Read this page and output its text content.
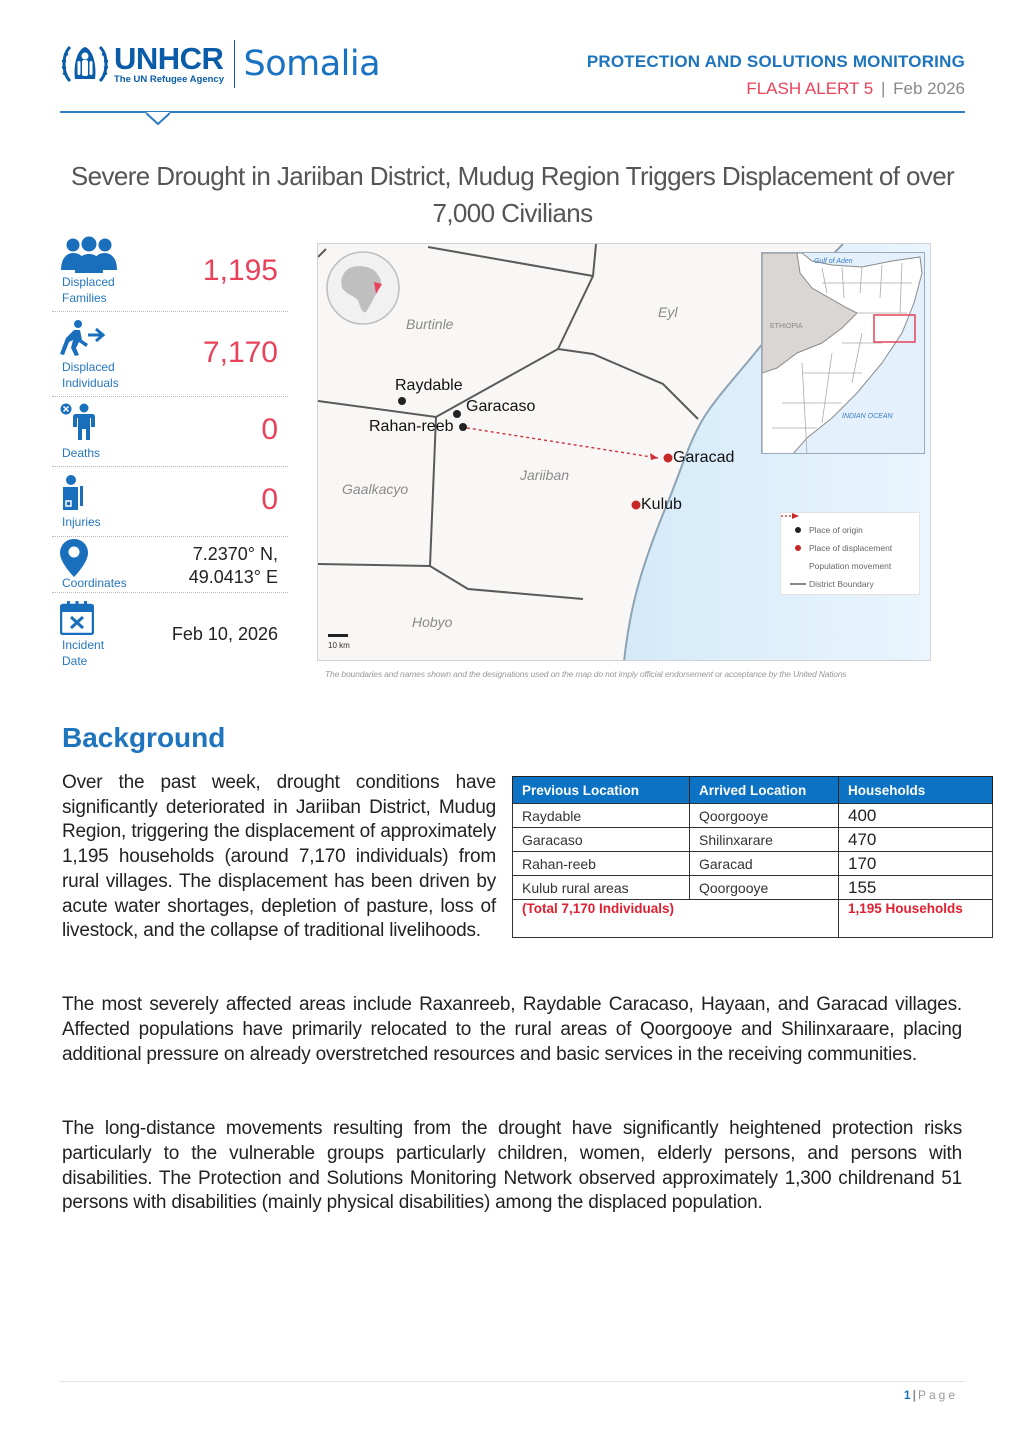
UNHCR
The UN Refugee Agency Somalia	PROTECTION AND SOLUTIONS MONITORING
FLASH ALERT 5 | Feb 2026
Severe Drought in Jariiban District, Mudug Region Triggers Displacement of over 7,000 Civilians
Displaced
Families
1,195
Displaced
Individuals
7,170
Deaths
0
Injuries
0
Coordinates
7.2370° N,
49.0413° E
Incident
Date
Feb 10, 2026
Burtinle
Eyl
Jariiban
Gaalkacyo
Hobyo
Raydable
Garacaso
Rahan-reeb
Garacad
Kulub
Gulf of Aden
ETHIOPIA
INDIAN OCEAN
Place of origin
Place of displacement
Population movement
District Boundary
10 km
The boundaries and names shown and the designations used on the map do not imply official endorsement or acceptance by the United Nations
Background
Over the past week, drought conditions have significantly deteriorated in Jariiban District, Mudug Region, triggering the displacement of approximately 1,195 households (around 7,170 individuals) from rural villages. The displacement has been driven by acute water shortages, depletion of pasture, loss of livestock, and the collapse of traditional livelihoods.
Previous Location	Arrived Location	Households
Raydable	Qoorgooye	400
Garacaso	Shilinxarare	470
Rahan-reeb	Garacad	170
Kulub rural areas	Qoorgooye	155
(Total 7,170 Individuals)		1,195 Households
The most severely affected areas include Raxanreeb, Raydable Caracaso, Hayaan, and Garacad villages. Affected populations have primarily relocated to the rural areas of Qoorgooye and Shilinxaraare, placing additional pressure on already overstretched resources and basic services in the receiving communities.
The long-distance movements resulting from the drought have significantly heightened protection risks particularly to the vulnerable groups particularly children, women, elderly persons, and persons with disabilities. The Protection and Solutions Monitoring Network observed approximately 1,300 childrenand 51 persons with disabilities (mainly physical disabilities) among the displaced population.
1 | Page
